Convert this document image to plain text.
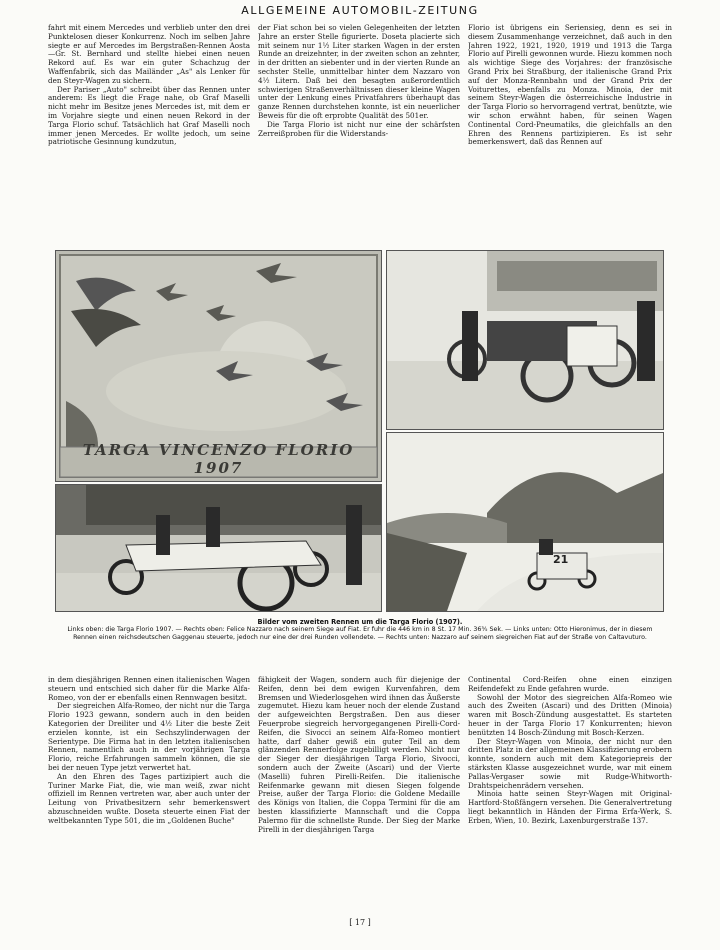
ALLGEMEINE AUTOMOBIL-ZEITUNG

fahrt mit einem Mercedes und verblieb unter den drei Punktelosen dieser Konkurrenz. Noch im selben Jahre siegte er auf Mercedes im Bergstraßen-Rennen Aosta—Gr. St. Bernhard und stellte hiebei einen neuen Rekord auf. Es war ein guter Schachzug der Waffenfabrik, sich das Mailänder „As" als Lenker für den Steyr-Wagen zu sichern.

Der Pariser „Auto" schreibt über das Rennen unter anderem: Es liegt die Frage nahe, ob Graf Maselli nicht mehr im Besitze jenes Mercedes ist, mit dem er im Vorjahre siegte und einen neuen Rekord in der Targa Florio schuf. Tatsächlich hat Graf Maselli noch immer jenen Mercedes. Er wollte jedoch, um seine patriotische Gesinnung kundzutun,

der Fiat schon bei so vielen Gelegenheiten der letzten Jahre an erster Stelle figurierte. Doseta placierte sich mit seinem nur 1½ Liter starken Wagen in der ersten Runde an dreizehnter, in der zweiten schon an zehnter, in der dritten an siebenter und in der vierten Runde an sechster Stelle, unmittelbar hinter dem Nazzaro von 4½ Litern. Daß bei den besagten außerordentlich schwierigen Straßenverhältnissen dieser kleine Wagen unter der Lenkung eines Privatfahrers überhaupt das ganze Rennen durchstehen konnte, ist ein neuerlicher Beweis für die oft erprobte Qualität des 501er.

Die Targa Florio ist nicht nur eine der schärfsten Zerreißproben für die Widerstands-

Florio ist übrigens ein Seriensieg, denn es sei in diesem Zusammenhange verzeichnet, daß auch in den Jahren 1922, 1921, 1920, 1919 und 1913 die Targa Florio auf Pirelli gewonnen wurde. Hiezu kommen noch als wichtige Siege des Vorjahres: der französische Grand Prix bei Straßburg, der italienische Grand Prix auf der Monza-Rennbahn und der Grand Prix der Voiturettes, ebenfalls zu Monza. Minoia, der mit seinem Steyr-Wagen die österreichische Industrie in der Targa Florio so hervorragend vertrat, benützte, wie wir schon erwähnt haben, für seinen Wagen Continental Cord-Pneumatiks, die gleichfalls an den Ehren des Rennens partizipieren. Es ist sehr bemerkenswert, daß das Rennen auf

TARGA VINCENZO FLORIO 1907
21
Bilder vom zweiten Rennen um die Targa Florio (1907).
Links oben: die Targa Florio 1907. — Rechts oben: Felice Nazzaro nach seinem Siege auf Fiat. Er fuhr die 446 km in 8 St. 17 Min. 36⅗ Sek. — Links unten: Otto Hieronimus, der in diesem Rennen einen reichsdeutschen Gaggenau steuerte, jedoch nur eine der drei Runden vollendete. — Rechts unten: Nazzaro auf seinem siegreichen Fiat auf der Straße von Caltavuturo.

in dem diesjährigen Rennen einen italienischen Wagen steuern und entschied sich daher für die Marke Alfa-Romeo, von der er ebenfalls einen Rennwagen besitzt.

Der siegreichen Alfa-Romeo, der nicht nur die Targa Florio 1923 gewann, sondern auch in den beiden Kategorien der Dreiliter und 4½ Liter die beste Zeit erzielen konnte, ist ein Sechszylinderwagen der Serientype. Die Firma hat in den letzten italienischen Rennen, namentlich auch in der vorjährigen Targa Florio, reiche Erfahrungen sammeln können, die sie bei der neuen Type jetzt verwertet hat.

An den Ehren des Tages partizipiert auch die Turiner Marke Fiat, die, wie man weiß, zwar nicht offiziell im Rennen vertreten war, aber auch unter der Leitung von Privatbesitzern sehr bemerkenswert abzuschneiden wußte. Doseta steuerte einen Fiat der weltbekannten Type 501, die im „Goldenen Buche"

fähigkeit der Wagen, sondern auch für diejenige der Reifen, denn bei dem ewigen Kurvenfahren, dem Bremsen und Wiederlosgehen wird ihnen das Äußerste zugemutet. Hiezu kam heuer noch der elende Zustand der aufgeweichten Bergstraßen. Den aus dieser Feuerprobe siegreich hervorgegangenen Pirelli-Cord-Reifen, die Sivocci an seinem Alfa-Romeo montiert hatte, darf daher gewiß ein guter Teil an dem glänzenden Rennerfolge zugebilligt werden. Nicht nur der Sieger der diesjährigen Targa Florio, Sivocci, sondern auch der Zweite (Ascari) und der Vierte (Maselli) fuhren Pirelli-Reifen. Die italienische Reifenmarke gewann mit diesen Siegen folgende Preise, außer der Targa Florio: die Goldene Medaille des Königs von Italien, die Coppa Termini für die am besten klassifizierte Mannschaft und die Coppa Palermo für die schnellste Runde. Der Sieg der Marke Pirelli in der diesjährigen Targa

Continental Cord-Reifen ohne einen einzigen Reifendefekt zu Ende gefahren wurde.

Sowohl der Motor des siegreichen Alfa-Romeo wie auch des Zweiten (Ascari) und des Dritten (Minoia) waren mit Bosch-Zündung ausgestattet. Es starteten heuer in der Targa Florio 17 Konkurrenten; hievon benützten 14 Bosch-Zündung mit Bosch-Kerzen.

Der Steyr-Wagen von Minoia, der nicht nur den dritten Platz in der allgemeinen Klassifizierung erobern konnte, sondern auch mit dem Kategoriepreis der stärksten Klasse ausgezeichnet wurde, war mit einem Pallas-Vergaser sowie mit Rudge-Whitworth-Drahtspeichenrädern versehen.

Minoia hatte seinen Steyr-Wagen mit Original-Hartford-Stoßfängern versehen. Die Generalvertretung liegt bekanntlich in Händen der Firma Erfa-Werk, S. Erben, Wien, 10. Bezirk, Laxenburgerstraße 137.

[ 17 ]
